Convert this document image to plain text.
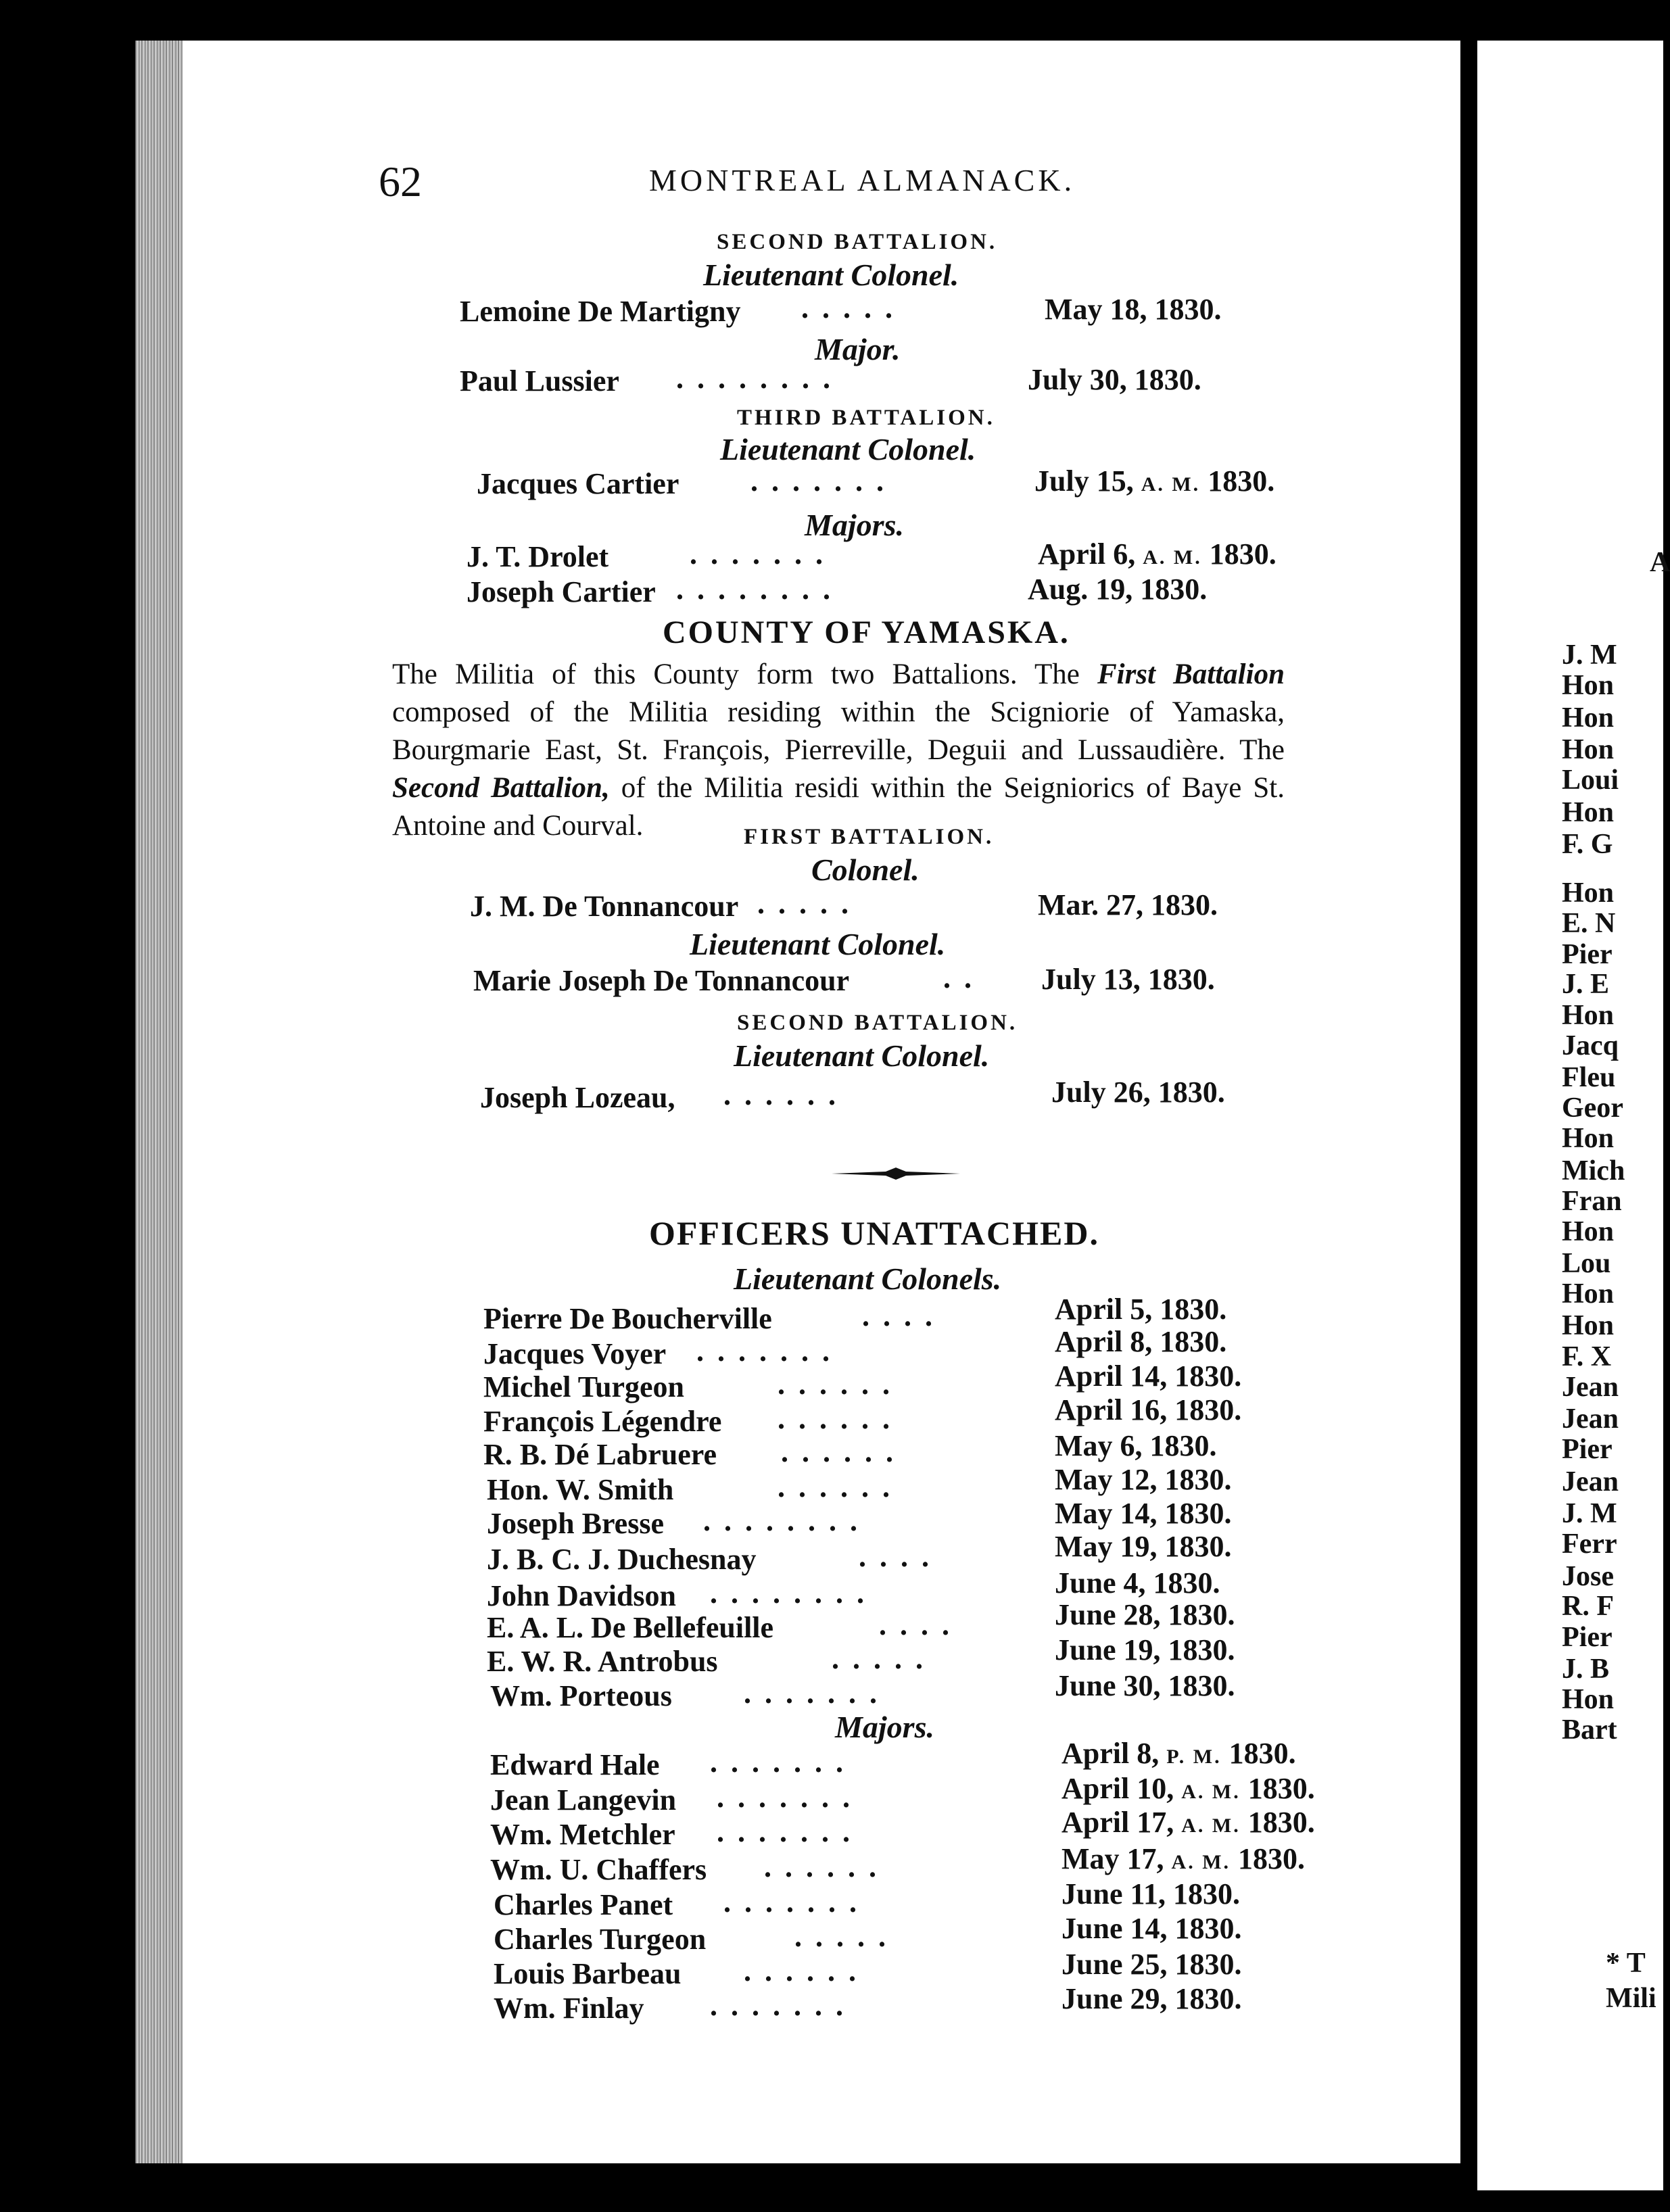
62	MONTREAL ALMANACK.
SECOND BATTALION.
Lieutenant Colonel.
Lemoine De Martigny .....	May 18, 1830.
Major.
Paul Lussier ........	July 30, 1830.
THIRD BATTALION.
Lieutenant Colonel.
Jacques Cartier .......	July 15, A. M. 1830.
Majors.
J. T. Drolet	.......	April 6, A. M. 1830.
Joseph Cartier ........	Aug. 19, 1830.
COUNTY OF YAMASKA.
The Militia of this County form two Battalions. The First Battalion composed of the Militia residing within the Scigniorie of Yamaska, Bourgmarie East, St. François, Pierreville, Deguii and Lussaudière. The Second Battalion, of the Militia residi within the Seigniorics of Baye St. Antoine and Courval.	FIRST BATTALION.
Colonel.
J. M. De Tonnancour .....	Mar. 27, 1830.
Lieutenant Colonel.
Marie Joseph De Tonnancour	.. July 13, 1830.
SECOND BATTALION.
Lieutenant Colonel.
Joseph Lozeau, ......	July 26, 1830.
OFFICERS UNATTACHED.
Lieutenant Colonels.
Pierre De Boucherville	....	April 5, 1830.
Jacques Voyer .......	April 8, 1830.
Michel Turgeon	......	April 14, 1830.
François Légendre ......	April 16, 1830.
R. B. Dé Labruere ......	May 6, 1830.
Hon. W. Smith	......	May 12, 1830.
Joseph Bresse ........	May 14, 1830.
J. B. C. J. Duchesnay	....	May 19, 1830.
John Davidson ........	June 4, 1830.
E. A. L. De Bellefeuille	....	June 28, 1830.
E. W. R. Antrobus	.....	June 19, 1830.
Wm. Porteous .......	June 30, 1830.
Majors.
Edward Hale .......	April 8, P. M. 1830.
Jean Langevin .......	April 10, A. M. 1830.
Wm. Metchler .......	April 17, A. M. 1830.
Wm. U. Chaffers ......	May 17, A. M. 1830.
Charles Panet .......	June 11, 1830.
Charles Turgeon	.....	June 14, 1830.
Louis Barbeau ......	June 25, 1830.
Wm. Finlay .......	June 29, 1830.
A
J. M
Hon
Hon
Hon
Loui
Hon
F. G
Hon
E. N
Pier
J. E
Hon
Jacq
Fleu
Geor
Hon
Mich
Fran
Hon
Lou
Hon
Hon
F. X
Jean
Jean
Pier
Jean
J. M
Ferr
Jose
R. F
Pier
J. B
Hon
Bart
* T
Mili
